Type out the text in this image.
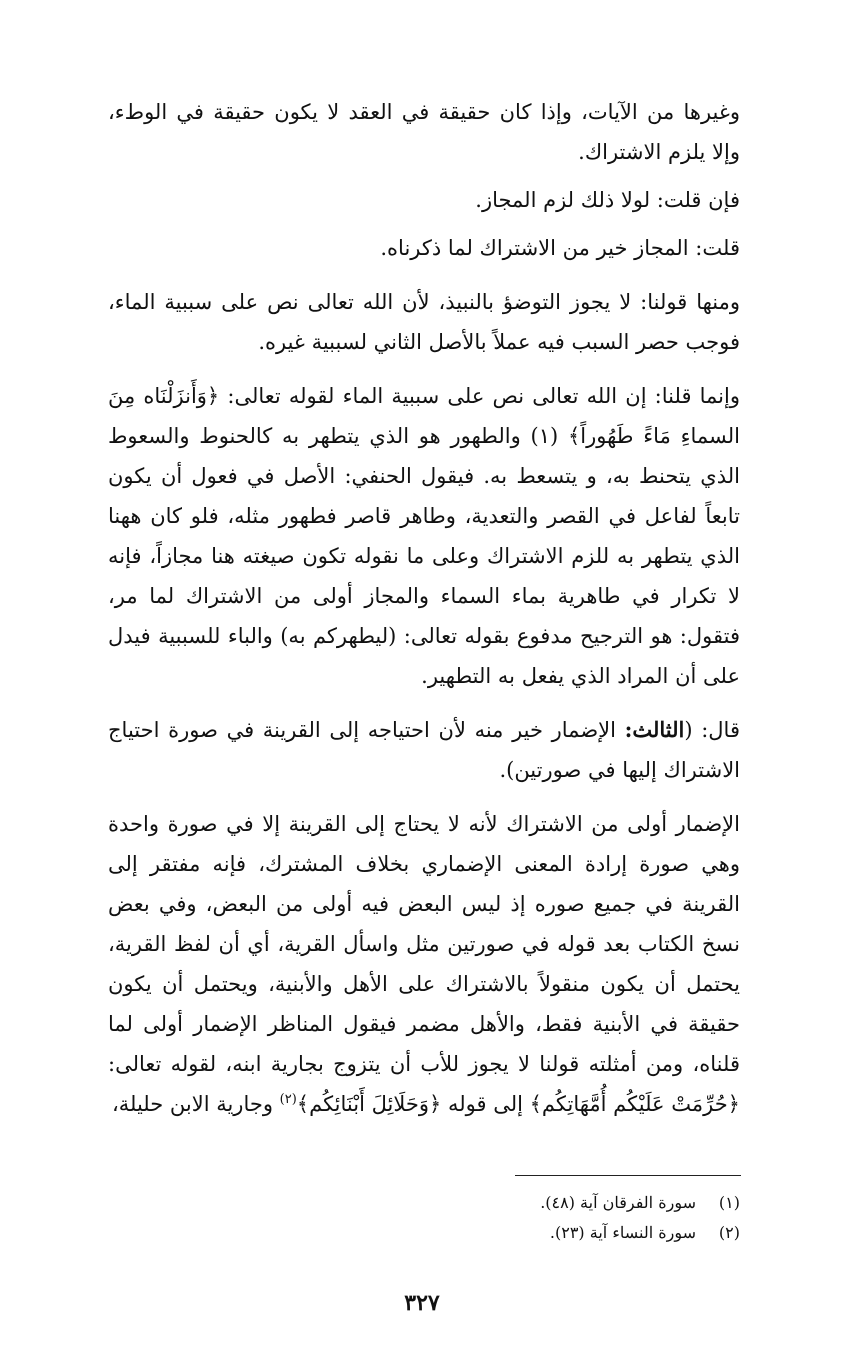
وغيرها من الآيات، وإذا كان حقيقة في العقد لا يكون حقيقة في الوطء، وإلا يلزم الاشتراك.

فإن قلت: لولا ذلك لزم المجاز.

قلت: المجاز خير من الاشتراك لما ذكرناه.

ومنها قولنا: لا يجوز التوضؤ بالنبيذ، لأن الله تعالى نص على سببية الماء، فوجب حصر السبب فيه عملاً بالأصل الثاني لسببية غيره.

وإنما قلنا: إن الله تعالى نص على سببية الماء لقوله تعالى: ﴿وَأَنزَلْنَاه مِنَ السماءِ مَاءً طَهُوراً﴾ (١) والطهور هو الذي يتطهر به كالحنوط والسعوط الذي يتحنط به، و يتسعط به. فيقول الحنفي: الأصل في فعول أن يكون تابعاً لفاعل في القصر والتعدية، وطاهر قاصر فطهور مثله، فلو كان ههنا الذي يتطهر به للزم الاشتراك وعلى ما نقوله تكون صيغته هنا مجازاً، فإنه لا تكرار في طاهرية بماء السماء والمجاز أولى من الاشتراك لما مر، فتقول: هو الترجيح مدفوع بقوله تعالى: (ليطهركم به) والباء للسببية فيدل على أن المراد الذي يفعل به التطهير.

قال: (الثالث: الإضمار خير منه لأن احتياجه إلى القرينة في صورة احتياج الاشتراك إليها في صورتين).

الإضمار أولى من الاشتراك لأنه لا يحتاج إلى القرينة إلا في صورة واحدة وهي صورة إرادة المعنى الإضماري بخلاف المشترك، فإنه مفتقر إلى القرينة في جميع صوره إذ ليس البعض فيه أولى من البعض، وفي بعض نسخ الكتاب بعد قوله في صورتين مثل واسأل القرية، أي أن لفظ القرية، يحتمل أن يكون منقولاً بالاشتراك على الأهل والأبنية، ويحتمل أن يكون حقيقة في الأبنية فقط، والأهل مضمر فيقول المناظر الإضمار أولى لما قلناه، ومن أمثلته قولنا لا يجوز للأب أن يتزوج بجارية ابنه، لقوله تعالى: ﴿حُرِّمَتْ عَلَيْكُم أُمَّهَاتِكُم﴾ إلى قوله ﴿وَحَلَائِلَ أَبْنَائِكُم﴾$^{(٢)}$ وجارية الابن حليلة،

(١)سورة الفرقان آية (٤٨).
(٢)سورة النساء آية (٢٣).
٣٢٧
